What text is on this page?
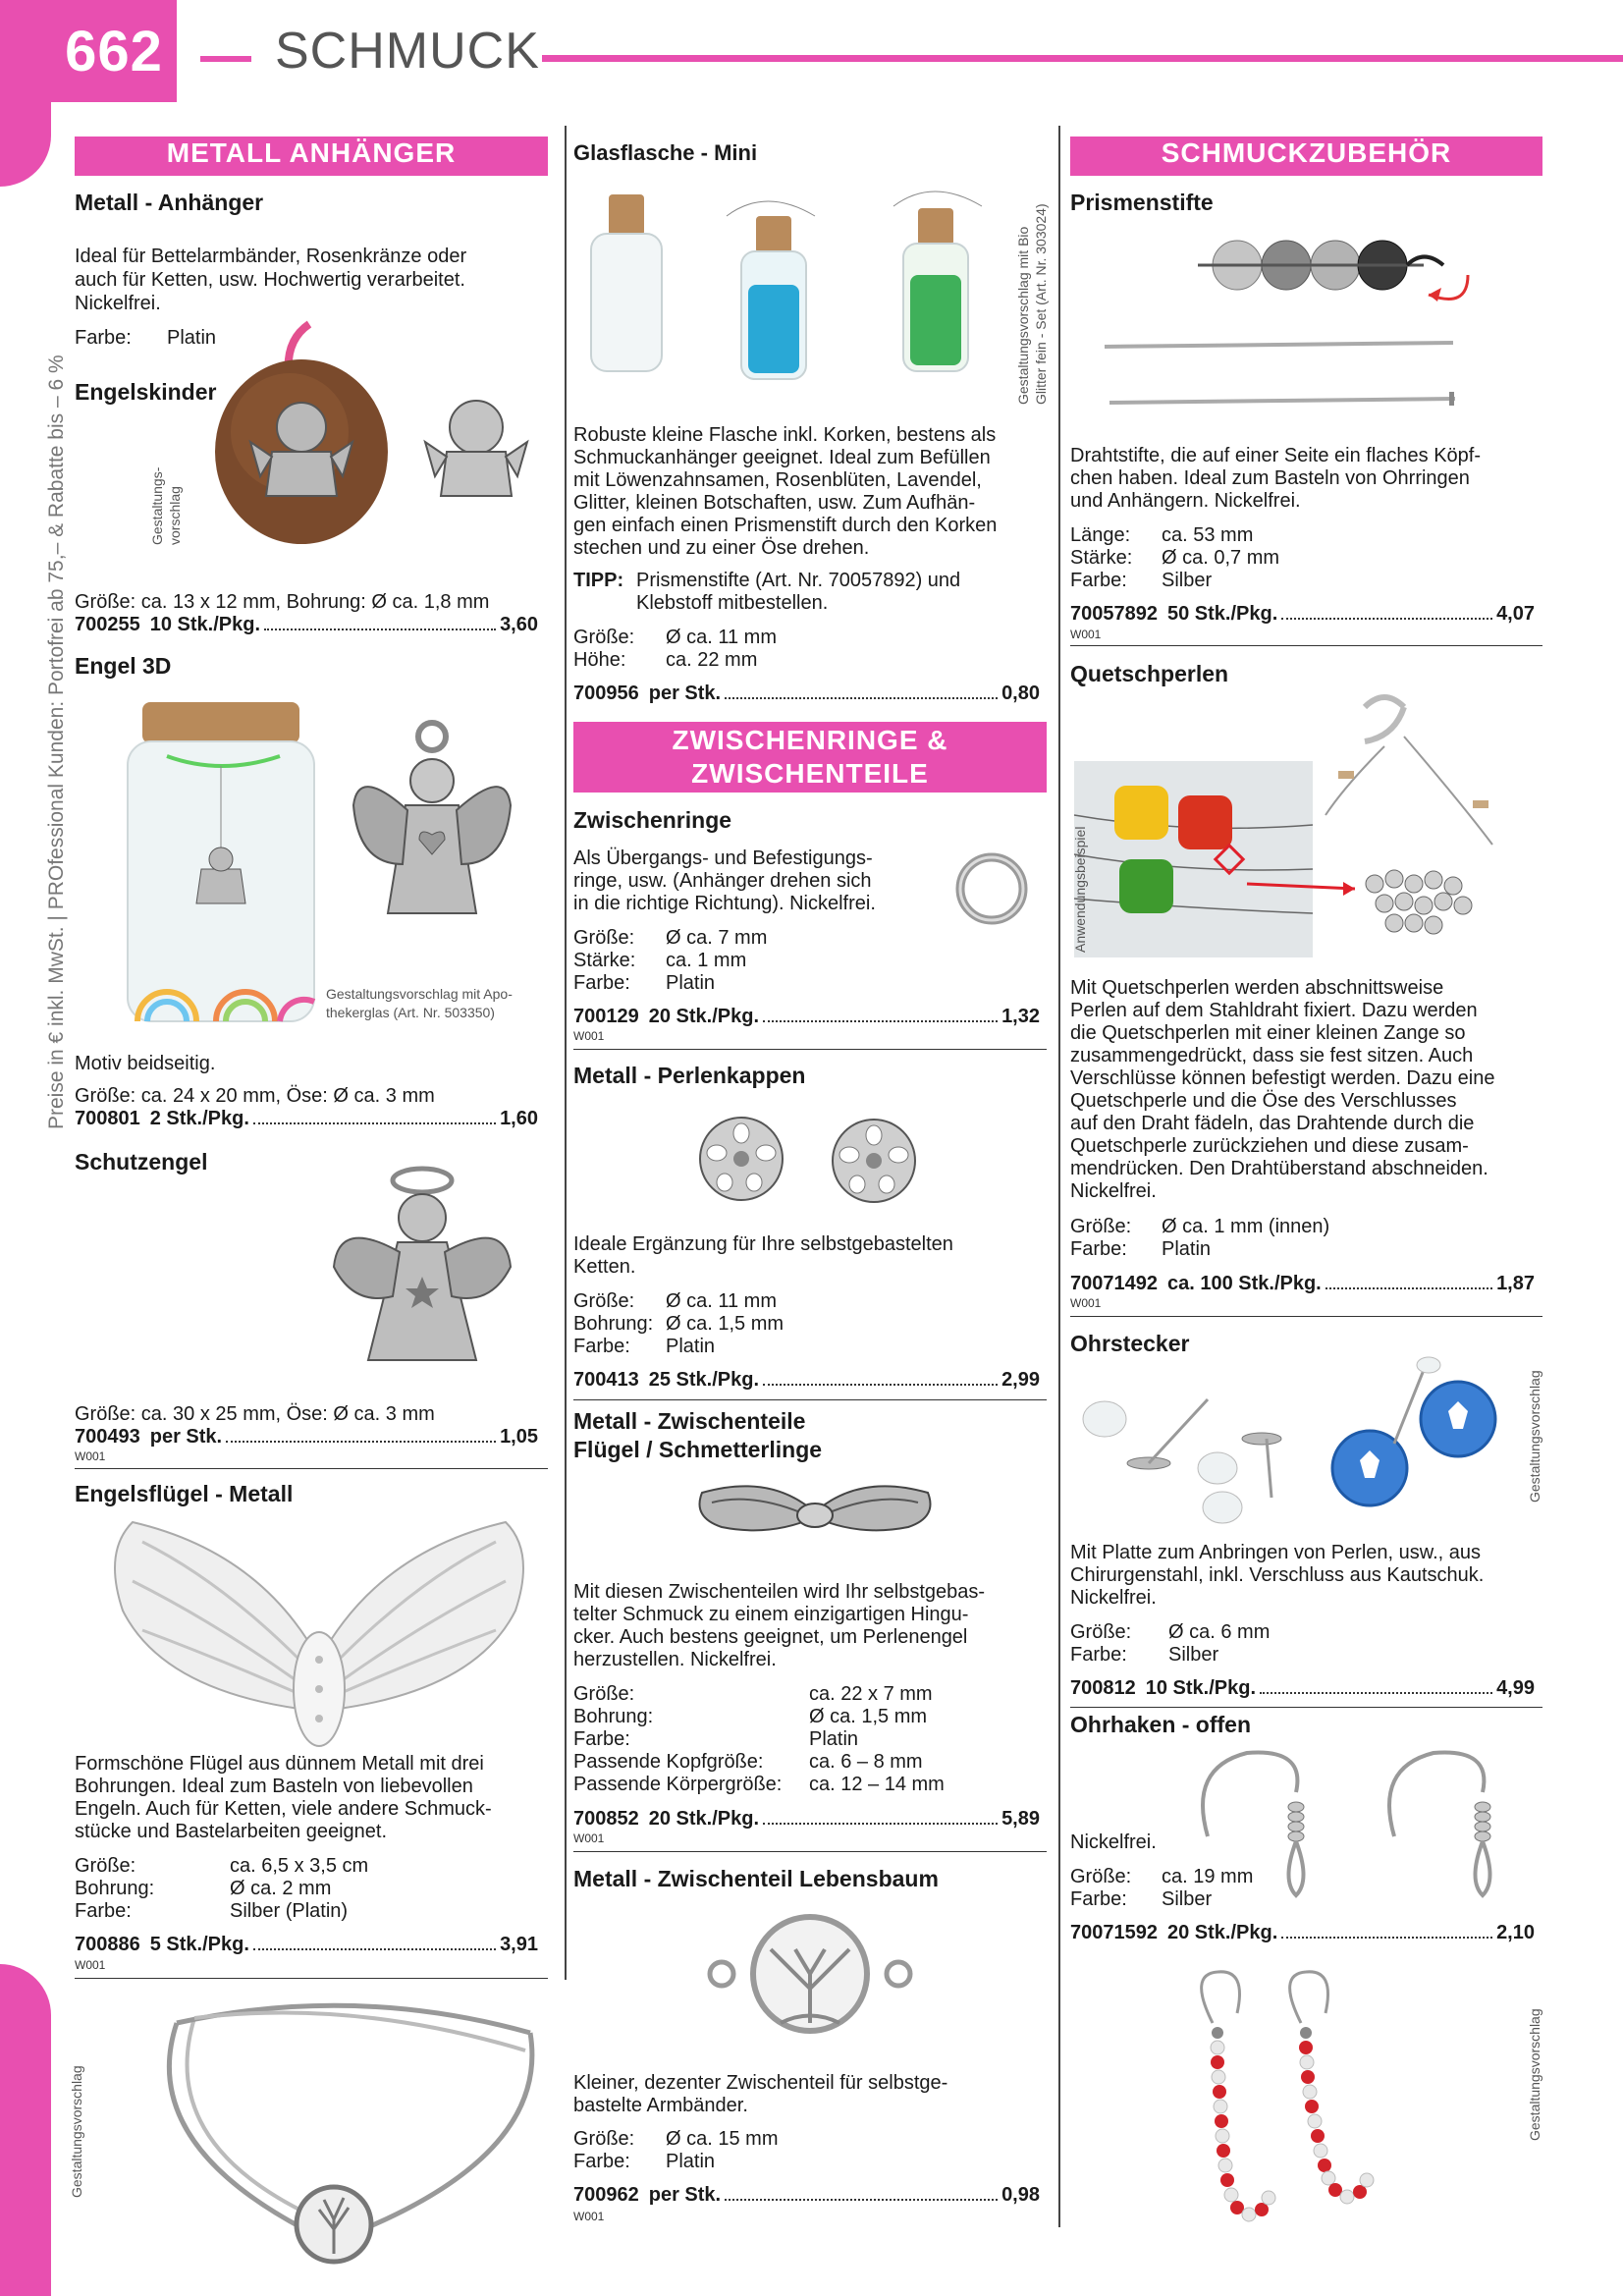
662 SCHMUCK
Preise in € inkl. MwSt. | PROfessional Kunden: Portofrei ab 75,– & Rabatte bis – 6 %
METALL ANHÄNGER
Metall - Anhänger
Ideal für Bettelarmbänder, Rosenkränze oder
auch für Ketten, usw. Hochwertig verarbeitet.
Nickelfrei.
Farbe: Platin
Engelskinder
Gestaltungs- vorschlag
Größe: ca. 13 x 12 mm, Bohrung: Ø ca. 1,8 mm
700255 10 Stk./Pkg.	3,60
Engel 3D
Gestaltungsvorschlag mit Apo-
thekerglas (Art. Nr. 503350)
Motiv beidseitig.
Größe: ca. 24 x 20 mm, Öse: Ø ca. 3 mm
700801 2 Stk./Pkg.	1,60
Schutzengel
Größe: ca. 30 x 25 mm, Öse: Ø ca. 3 mm
700493 per Stk.	1,05
W001
Engelsflügel - Metall
Formschöne Flügel aus dünnem Metall mit drei
Bohrungen. Ideal zum Basteln von liebevollen
Engeln. Auch für Ketten, viele andere Schmuck-
stücke und Bastelarbeiten geeignet.
Größe:	ca. 6,5 x 3,5 cm
Bohrung:	Ø ca. 2 mm
Farbe:	Silber (Platin)
700886 5 Stk./Pkg.	3,91
W001
Gestaltungsvorschlag
Glasflasche - Mini
Gestaltungsvorschlag mit Bio Glitter fein - Set (Art. Nr. 303024)
Robuste kleine Flasche inkl. Korken, bestens als
Schmuckanhänger geeignet. Ideal zum Befüllen
mit Löwenzahnsamen, Rosenblüten, Lavendel,
Glitter, kleinen Botschaften, usw. Zum Aufhän-
gen einfach einen Prismenstift durch den Korken
stechen und zu einer Öse drehen.
TIPP: Prismenstifte (Art. Nr. 70057892) und
Klebstoff mitbestellen.
Größe: Ø ca. 11 mm
Höhe: ca. 22 mm
700956 per Stk.	0,80
ZWISCHENRINGE &
ZWISCHENTEILE
Zwischenringe
Als Übergangs- und Befestigungs-
ringe, usw. (Anhänger drehen sich
in die richtige Richtung). Nickelfrei.
Größe: Ø ca. 7 mm
Stärke: ca. 1 mm
Farbe: Platin
700129 20 Stk./Pkg.	1,32
W001
Metall - Perlenkappen
Ideale Ergänzung für Ihre selbstgebastelten
Ketten.
Größe: Ø ca. 11 mm
Bohrung: Ø ca. 1,5 mm
Farbe: Platin
700413 25 Stk./Pkg.	2,99
Metall - Zwischenteile
Flügel / Schmetterlinge
Mit diesen Zwischenteilen wird Ihr selbstgebas-
telter Schmuck zu einem einzigartigen Hingu-
cker. Auch bestens geeignet, um Perlenengel
herzustellen. Nickelfrei.
Größe:	ca. 22 x 7 mm
Bohrung:	Ø ca. 1,5 mm
Farbe:	Platin
Passende Kopfgröße: ca. 6 – 8 mm
Passende Körpergröße: ca. 12 – 14 mm
700852 20 Stk./Pkg.	5,89
W001
Metall - Zwischenteil Lebensbaum
Kleiner, dezenter Zwischenteil für selbstge-
bastelte Armbänder.
Größe: Ø ca. 15 mm
Farbe: Platin
700962 per Stk.	0,98
W001
SCHMUCKZUBEHÖR
Prismenstifte
Drahtstifte, die auf einer Seite ein flaches Köpf-
chen haben. Ideal zum Basteln von Ohrringen
und Anhängern. Nickelfrei.
Länge: ca. 53 mm
Stärke: Ø ca. 0,7 mm
Farbe: Silber
70057892 50 Stk./Pkg.	4,07
W001
Quetschperlen
Anwendungsbeispiel
Mit Quetschperlen werden abschnittsweise
Perlen auf dem Stahldraht fixiert. Dazu werden
die Quetschperlen mit einer kleinen Zange so
zusammengedrückt, dass sie fest sitzen. Auch
Verschlüsse können befestigt werden. Dazu eine
Quetschperle und die Öse des Verschlusses
auf den Draht fädeln, das Drahtende durch die
Quetschperle zurückziehen und diese zusam-
mendrücken. Den Drahtüberstand abschneiden.
Nickelfrei.
Größe: Ø ca. 1 mm (innen)
Farbe: Platin
70071492 ca. 100 Stk./Pkg.	1,87
W001
Ohrstecker
Gestaltungsvorschlag
Mit Platte zum Anbringen von Perlen, usw., aus
Chirurgenstahl, inkl. Verschluss aus Kautschuk.
Nickelfrei.
Größe: Ø ca. 6 mm
Farbe: Silber
700812 10 Stk./Pkg.	4,99
Ohrhaken - offen
Nickelfrei.
Größe: ca. 19 mm
Farbe: Silber
70071592 20 Stk./Pkg.	2,10
Gestaltungsvorschlag
